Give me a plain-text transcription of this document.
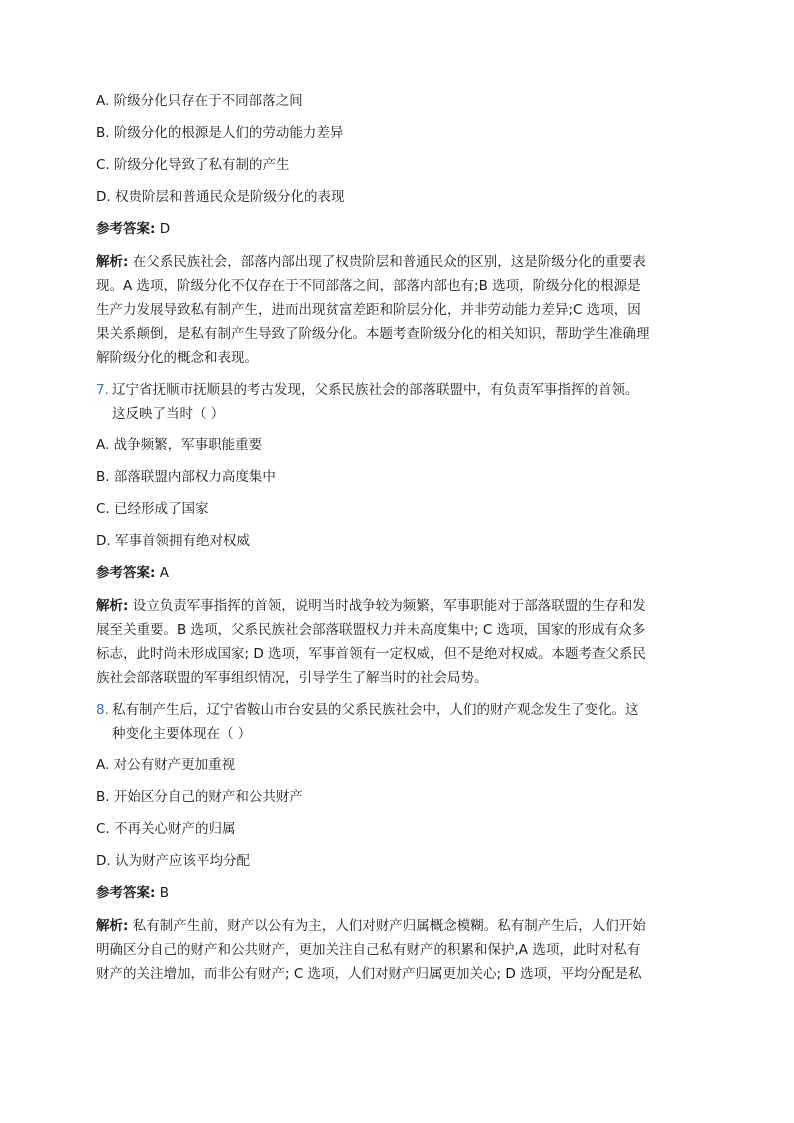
A. 阶级分化只存在于不同部落之间
B. 阶级分化的根源是人们的劳动能力差异
C. 阶级分化导致了私有制的产生
D. 权贵阶层和普通民众是阶级分化的表现
参考答案: D
解析: 在父系民族社会，部落内部出现了权贵阶层和普通民众的区别，这是阶级分化的重要表
现。A 选项，阶级分化不仅存在于不同部落之间，部落内部也有;B 选项，阶级分化的根源是
生产力发展导致私有制产生，进而出现贫富差距和阶层分化，并非劳动能力差异;C 选项，因
果关系颠倒，是私有制产生导致了阶级分化。本题考查阶级分化的相关知识，帮助学生准确理
解阶级分化的概念和表现。
7. 辽宁省抚顺市抚顺县的考古发现，父系民族社会的部落联盟中，有负责军事指挥的首领。
这反映了当时（ ）
A. 战争频繁，军事职能重要
B. 部落联盟内部权力高度集中
C. 已经形成了国家
D. 军事首领拥有绝对权威
参考答案: A
解析: 设立负责军事指挥的首领，说明当时战争较为频繁，军事职能对于部落联盟的生存和发
展至关重要。B 选项，父系民族社会部落联盟权力并未高度集中; C 选项，国家的形成有众多
标志，此时尚未形成国家; D 选项，军事首领有一定权威，但不是绝对权威。本题考查父系民
族社会部落联盟的军事组织情况，引导学生了解当时的社会局势。
8. 私有制产生后，辽宁省鞍山市台安县的父系民族社会中，人们的财产观念发生了变化。这
种变化主要体现在（ ）
A. 对公有财产更加重视
B. 开始区分自己的财产和公共财产
C. 不再关心财产的归属
D. 认为财产应该平均分配
参考答案: B
解析: 私有制产生前，财产以公有为主，人们对财产归属概念模糊。私有制产生后，人们开始
明确区分自己的财产和公共财产，更加关注自己私有财产的积累和保护,A 选项，此时对私有
财产的关注增加，而非公有财产; C 选项，人们对财产归属更加关心; D 选项，平均分配是私
